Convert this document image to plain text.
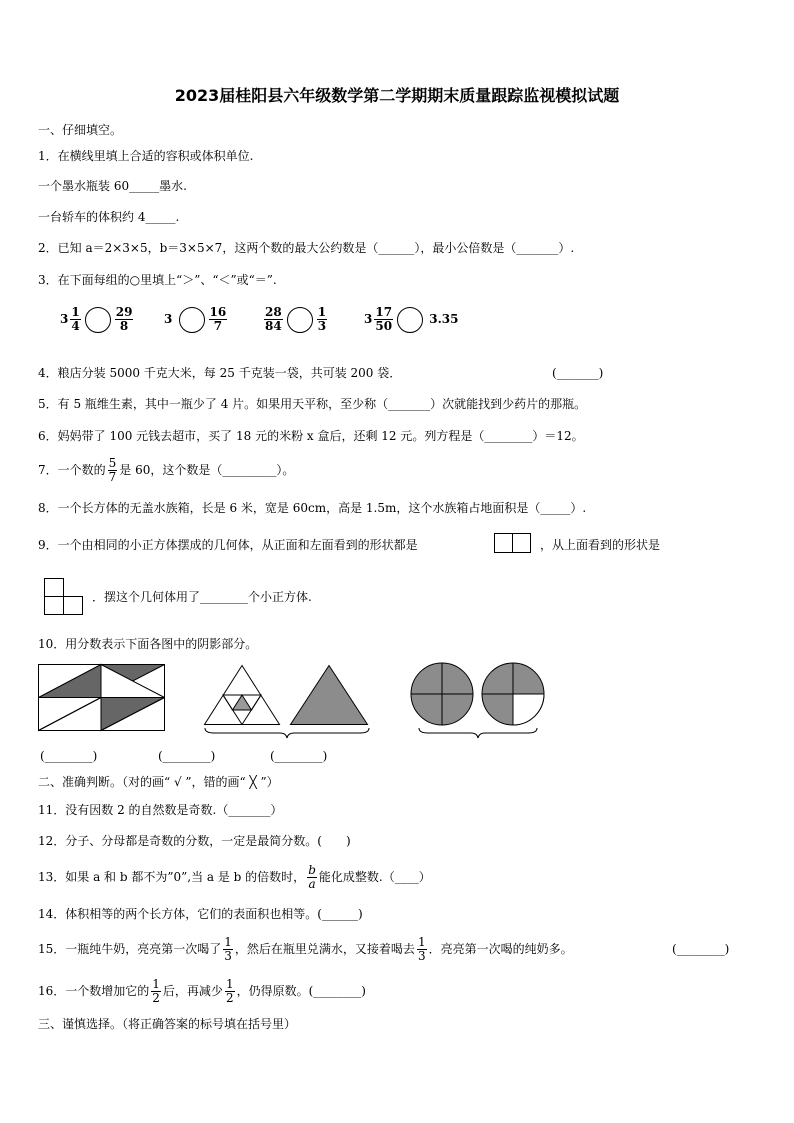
2023届桂阳县六年级数学第二学期期末质量跟踪监视模拟试题
一、仔细填空。
1．在横线里填上合适的容积或体积单位.
一个墨水瓶装 60_____墨水.
一台轿车的体积约 4_____.
2．已知 a＝2×3×5，b＝3×5×7，这两个数的最大公约数是（______），最小公倍数是（_______）.
3．在下面每组的○里填上“＞”、“＜”或“＝”.
$3 \frac{1}{4}$	$\frac{29}{8}$	3	$\frac{16}{7}$	$\frac{28}{84}$	$\frac{1}{3}$	$3 \frac{17}{50}$	3.35
4．粮店分装 5000 千克大米，每 25 千克装一袋，共可装 200 袋．	(_______)
5．有 5 瓶维生素，其中一瓶少了 4 片。如果用天平称，至少称（_______）次就能找到少药片的那瓶。
6．妈妈带了 100 元钱去超市，买了 18 元的米粉 x 盒后，还剩 12 元。列方程是（________）＝12。
7．一个数的 $\frac{5}{7}$ 是 60，这个数是（_________）。
8．一个长方体的无盖水族箱，长是 6 米，宽是 60cm，高是 1.5m，这个水族箱占地面积是（_____）.
9．一个由相同的小正方体摆成的几何体，从正面和左面看到的形状都是	，从上面看到的形状是
．摆这个几何体用了________个小正方体.
10．用分数表示下面各图中的阴影部分。
(________)	(________)	(________)
二、准确判断。（对的画“ √ ”，错的画“ ╳ ”）
11．没有因数 2 的自然数是奇数.（_______）
12．分子、分母都是奇数的分数，一定是最简分数。(　　)
13．如果 a 和 b 都不为”0”,当 a 是 b 的倍数时， $\frac{b}{a}$ 能化成整数.（____）
14．体积相等的两个长方体，它们的表面积也相等。(______)
15．一瓶纯牛奶，亮亮第一次喝了 $\frac{1}{3}$ ，然后在瓶里兑满水，又接着喝去 $\frac{1}{3}$ ．亮亮第一次喝的纯奶多。	(________)
16．一个数增加它的 $\frac{1}{2}$ 后，再减少 $\frac{1}{2}$ ，仍得原数。(________)
三、谨慎选择。（将正确答案的标号填在括号里）
